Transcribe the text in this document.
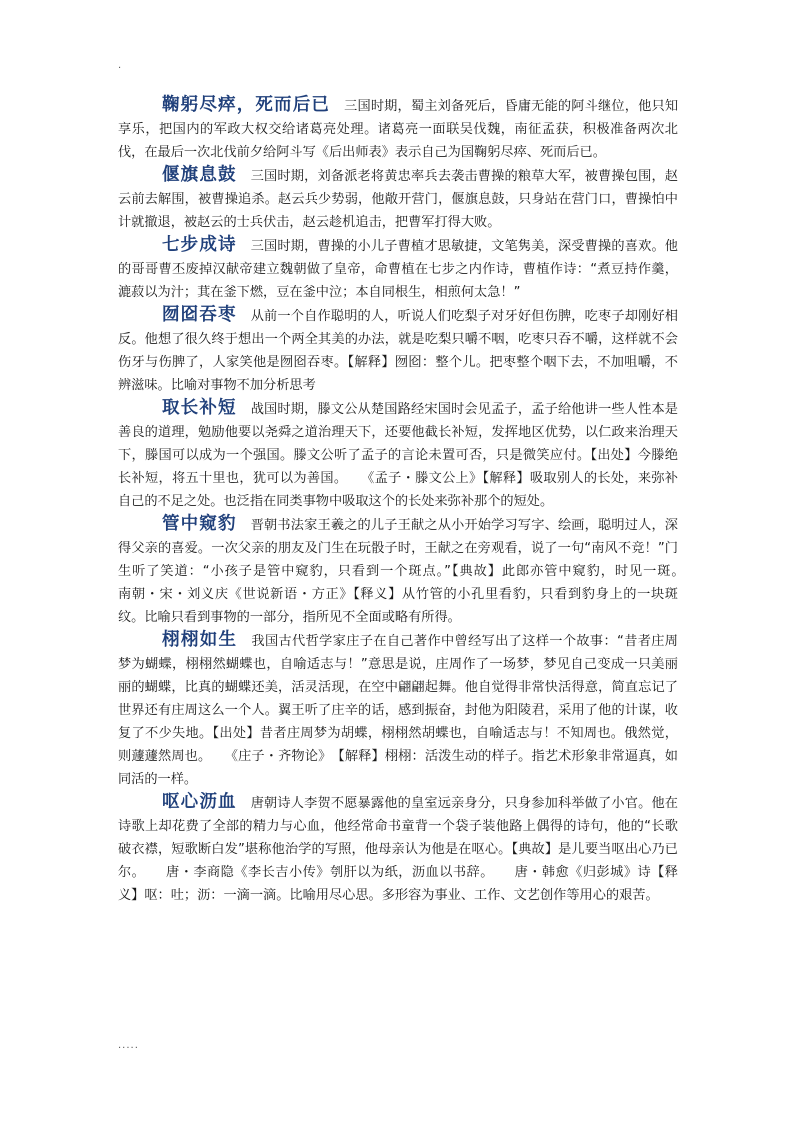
.

鞠躬尽瘁，死而后已 三国时期，蜀主刘备死后，昏庸无能的阿斗继位，他只知享乐，把国内的军政大权交给诸葛亮处理。诸葛亮一面联吴伐魏，南征孟获，积极准备两次北伐，在最后一次北伐前夕给阿斗写《后出师表》表示自己为国鞠躬尽瘁、死而后已。

偃旗息鼓 三国时期，刘备派老将黄忠率兵去袭击曹操的粮草大军，被曹操包围，赵云前去解围，被曹操追杀。赵云兵少势弱，他敞开营门，偃旗息鼓，只身站在营门口，曹操怕中计就撤退，被赵云的士兵伏击，赵云趁机追击，把曹军打得大败。

七步成诗 三国时期，曹操的小儿子曹植才思敏捷，文笔隽美，深受曹操的喜欢。他的哥哥曹丕废掉汉献帝建立魏朝做了皇帝，命曹植在七步之内作诗，曹植作诗：“煮豆持作羹，漉菽以为汁；萁在釜下燃，豆在釜中泣；本自同根生，相煎何太急！”

囫囵吞枣 从前一个自作聪明的人，听说人们吃梨子对牙好但伤脾，吃枣子却刚好相反。他想了很久终于想出一个两全其美的办法，就是吃梨只嚼不咽，吃枣只吞不嚼，这样就不会伤牙与伤脾了，人家笑他是囫囵吞枣。【解释】囫囵：整个儿。把枣整个咽下去，不加咀嚼，不辨滋味。比喻对事物不加分析思考

取长补短 战国时期，滕文公从楚国路经宋国时会见孟子，孟子给他讲一些人性本是善良的道理，勉励他要以尧舜之道治理天下，还要他截长补短，发挥地区优势，以仁政来治理天下，滕国可以成为一个强国。滕文公听了孟子的言论未置可否，只是微笑应付。【出处】今滕绝长补短，将五十里也，犹可以为善国。　　《孟子・滕文公上》【解释】吸取别人的长处，来弥补自己的不足之处。也泛指在同类事物中吸取这个的长处来弥补那个的短处。

管中窥豹 晋朝书法家王羲之的儿子王献之从小开始学习写字、绘画，聪明过人，深得父亲的喜爱。一次父亲的朋友及门生在玩骰子时，王献之在旁观看，说了一句“南风不竞！”门生听了笑道：“小孩子是管中窥豹，只看到一个斑点。”【典故】此郎亦管中窥豹，时见一斑。　　南朝・宋・刘义庆《世说新语・方正》【释义】从竹管的小孔里看豹，只看到豹身上的一块斑纹。比喻只看到事物的一部分，指所见不全面或略有所得。

栩栩如生 我国古代哲学家庄子在自己著作中曾经写出了这样一个故事：“昔者庄周梦为蝴蝶，栩栩然蝴蝶也，自喻适志与！”意思是说，庄周作了一场梦，梦见自己变成一只美丽丽的蝴蝶，比真的蝴蝶还美，活灵活现，在空中翩翩起舞。他自觉得非常快活得意，简直忘记了世界还有庄周这么一个人。翼王听了庄辛的话，感到振奋，封他为阳陵君，采用了他的计谋，收复了不少失地。【出处】昔者庄周梦为胡蝶，栩栩然胡蝶也，自喻适志与！不知周也。俄然觉，则蘧蘧然周也。　　《庄子・齐物论》　【解释】栩栩：活泼生动的样子。指艺术形象非常逼真，如同活的一样。

呕心沥血 唐朝诗人李贺不愿暴露他的皇室远亲身分，只身参加科举做了小官。他在诗歌上却花费了全部的精力与心血，他经常命书童背一个袋子装他路上偶得的诗句，他的“长歌破衣襟，短歌断白发”堪称他治学的写照，他母亲认为他是在呕心。【典故】是儿要当呕出心乃已尔。　　唐・李商隐《李长吉小传》刳肝以为纸，沥血以书辞。　　唐・韩愈《归彭城》诗【释义】呕：吐；沥：一滴一滴。比喻用尽心思。多形容为事业、工作、文艺创作等用心的艰苦。

.....
